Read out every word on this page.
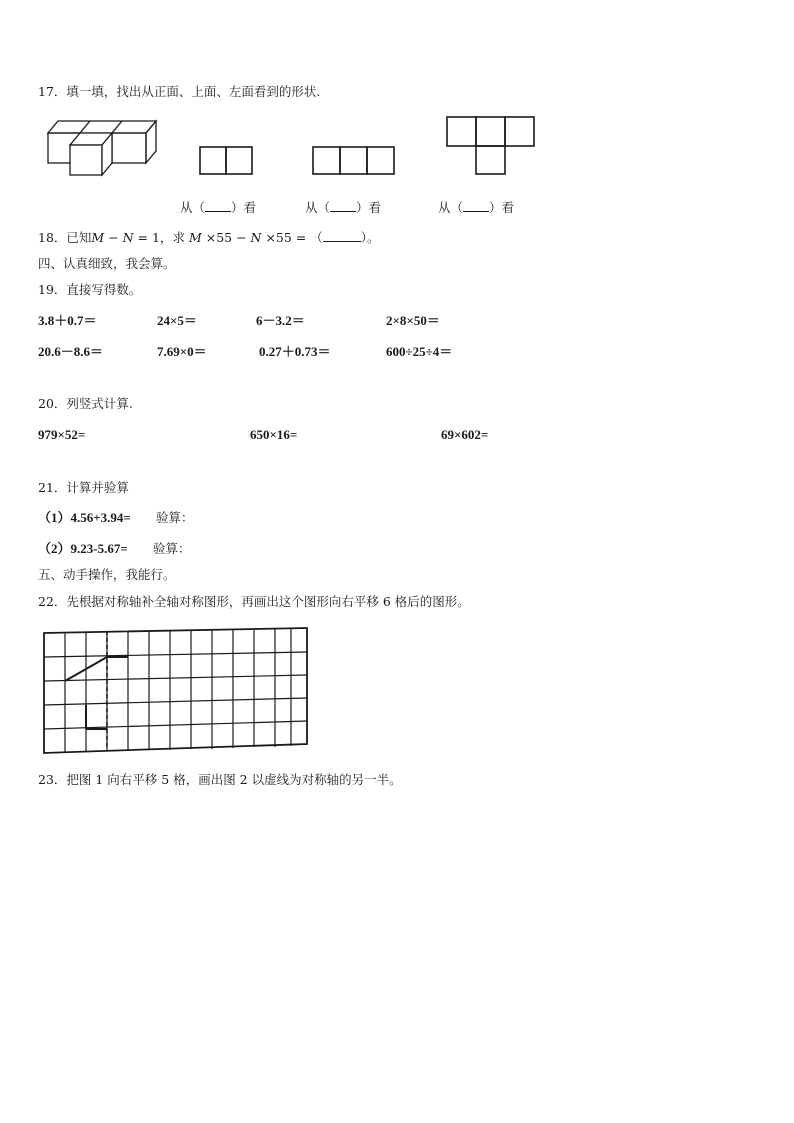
17．填一填，找出从正面、上面、左面看到的形状.
从（ ）看	从（ ）看	从（ ）看
18．已知M − N = 1，求 M ×55 − N ×55 = （	）。
四、认真细致，我会算。
19．直接写得数。
3.8＋0.7＝	24×5＝	6－3.2＝	2×8×50＝
20.6－8.6＝	7.69×0＝	0.27＋0.73＝	600÷25÷4＝
20．列竖式计算.
979×52=	650×16=	69×602=
21．计算并验算
（1）4.56+3.94= 验算：
（2）9.23-5.67= 验算：
五、动手操作，我能行。
22．先根据对称轴补全轴对称图形，再画出这个图形向右平移 6 格后的图形。
23．把图 1 向右平移 5 格，画出图 2 以虚线为对称轴的另一半。
